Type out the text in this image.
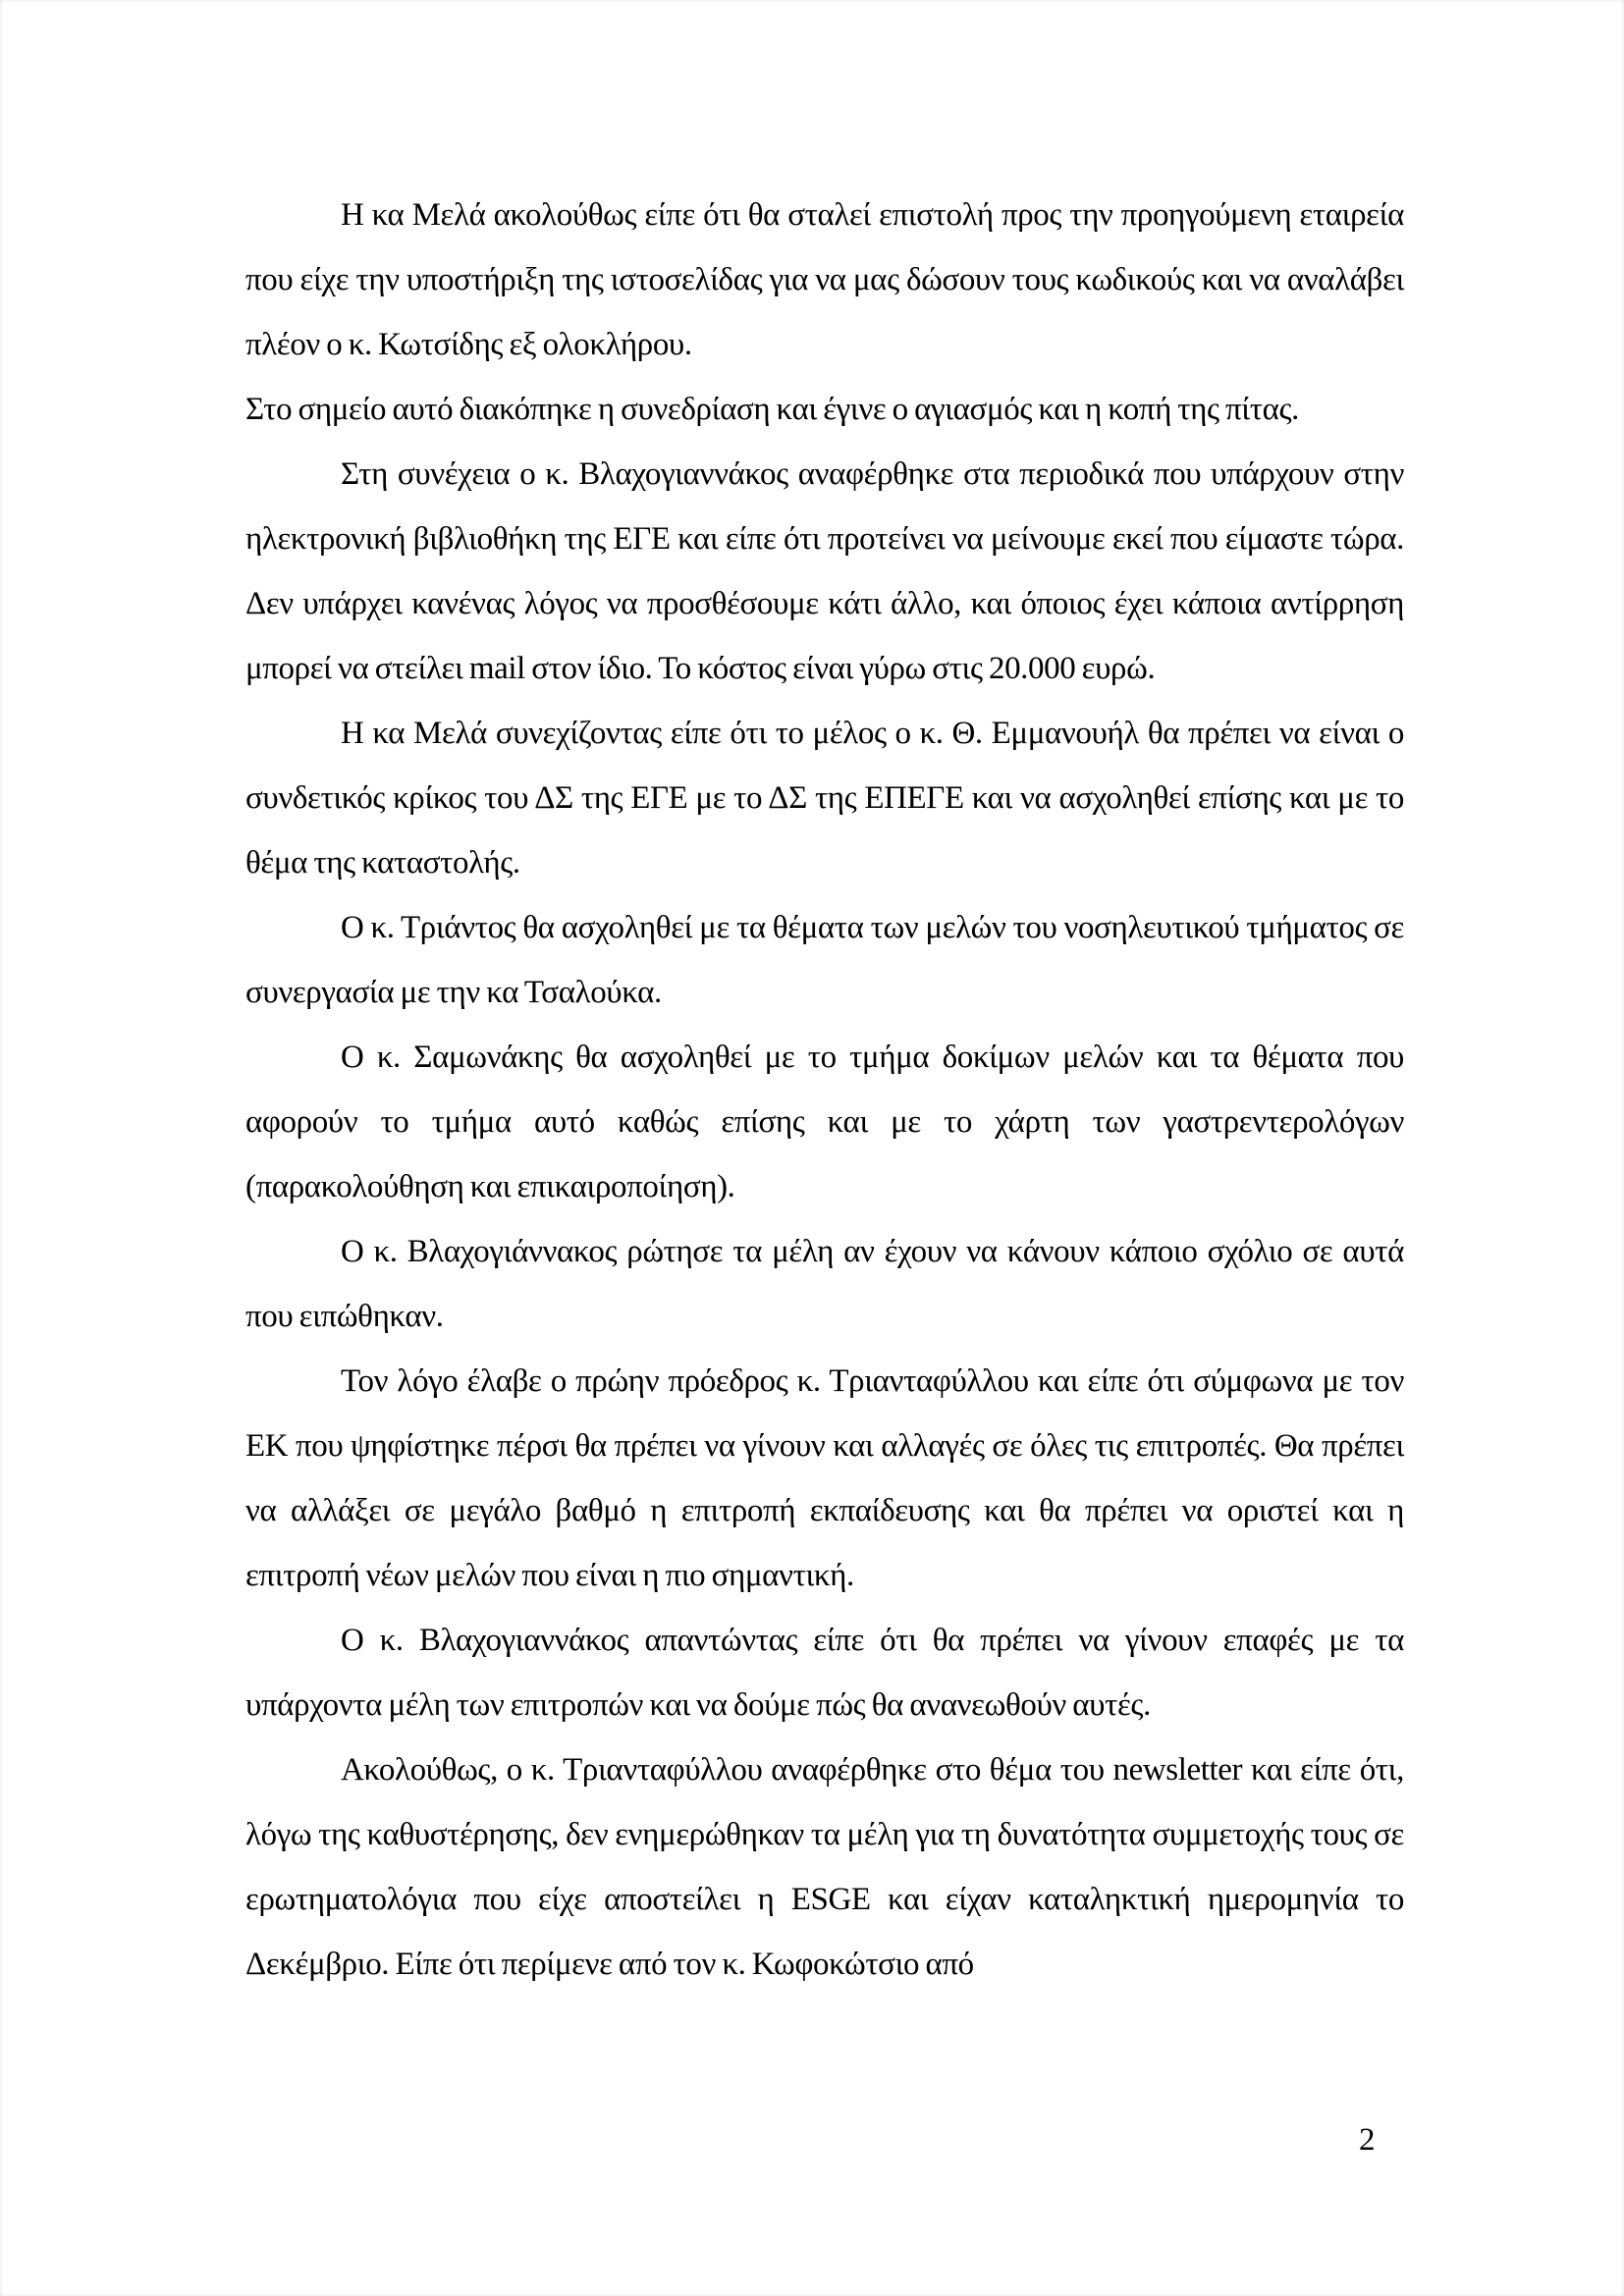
Η κα Μελά ακολούθως είπε ότι θα σταλεί επιστολή προς την προηγούμενη εταιρεία που είχε την υποστήριξη της ιστοσελίδας για να μας δώσουν τους κωδικούς και να αναλάβει πλέον ο κ. Κωτσίδης εξ ολοκλήρου.

Στο σημείο αυτό διακόπηκε η συνεδρίαση και έγινε ο αγιασμός και η κοπή της πίτας.

Στη συνέχεια ο κ. Βλαχογιαννάκος αναφέρθηκε στα περιοδικά που υπάρχουν στην ηλεκτρονική βιβλιοθήκη της ΕΓΕ και είπε ότι προτείνει να μείνουμε εκεί που είμαστε τώρα. Δεν υπάρχει κανένας λόγος να προσθέσουμε κάτι άλλο, και όποιος έχει κάποια αντίρρηση μπορεί να στείλει mail στον ίδιο. Το κόστος είναι γύρω στις 20.000 ευρώ.

Η κα Μελά συνεχίζοντας είπε ότι το μέλος ο κ. Θ. Εμμανουήλ θα πρέπει να είναι ο συνδετικός κρίκος του ΔΣ της ΕΓΕ με το ΔΣ της ΕΠΕΓΕ και να ασχοληθεί επίσης και με το θέμα της καταστολής.

Ο κ. Τριάντος θα ασχοληθεί με τα θέματα των μελών του νοσηλευτικού τμήματος σε συνεργασία με την κα Τσαλούκα.

Ο κ. Σαμωνάκης θα ασχοληθεί με το τμήμα δοκίμων μελών και τα θέματα που αφορούν το τμήμα αυτό καθώς επίσης και με το χάρτη των γαστρεντερολόγων (παρακολούθηση και επικαιροποίηση).

Ο κ. Βλαχογιάννακος ρώτησε τα μέλη αν έχουν να κάνουν κάποιο σχόλιο σε αυτά που ειπώθηκαν.

Τον λόγο έλαβε ο πρώην πρόεδρος κ. Τριανταφύλλου και είπε ότι σύμφωνα με τον ΕΚ που ψηφίστηκε πέρσι θα πρέπει να γίνουν και αλλαγές σε όλες τις επιτροπές. Θα πρέπει να αλλάξει σε μεγάλο βαθμό η επιτροπή εκπαίδευσης και θα πρέπει να οριστεί και η επιτροπή νέων μελών που είναι η πιο σημαντική.

Ο κ. Βλαχογιαννάκος απαντώντας είπε ότι θα πρέπει να γίνουν επαφές με τα υπάρχοντα μέλη των επιτροπών και να δούμε πώς θα ανανεωθούν αυτές.

Ακολούθως, ο κ. Τριανταφύλλου αναφέρθηκε στο θέμα του newsletter και είπε ότι, λόγω της καθυστέρησης, δεν ενημερώθηκαν τα μέλη για τη δυνατότητα συμμετοχής τους σε ερωτηματολόγια που είχε αποστείλει η ESGE και είχαν καταληκτική ημερομηνία το Δεκέμβριο. Είπε ότι περίμενε από τον κ. Κωφοκώτσιο από

2
